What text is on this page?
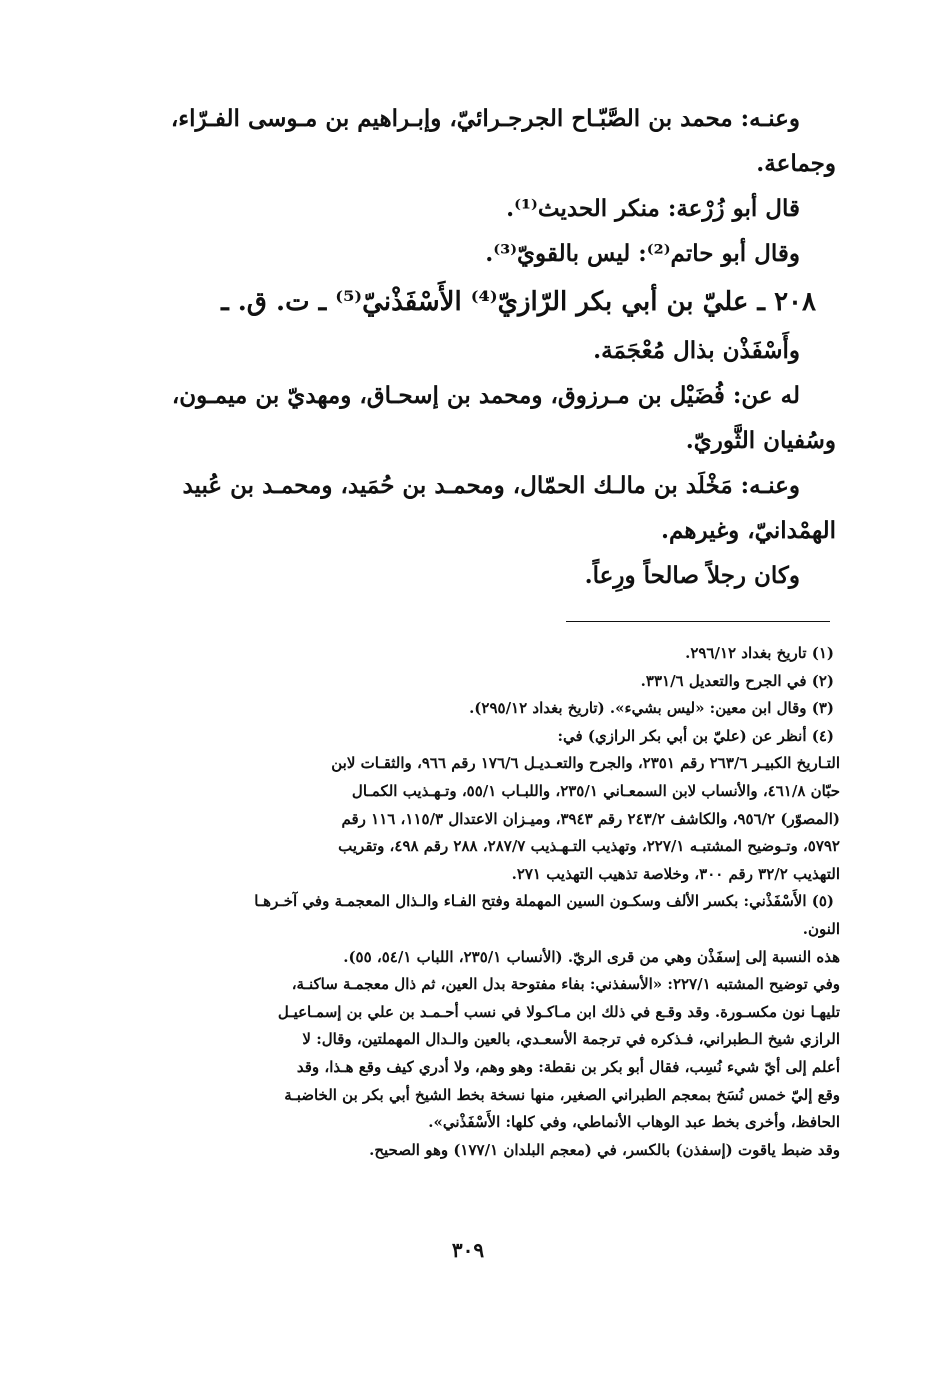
وعنـه: محمد بن الصَّبّـاح الجرجـرائيّ، وإبـراهيم بن مـوسى الفـرّاء،

وجماعة.

قال أبو زُرْعة: منكر الحديث⁽¹⁾.

وقال أبو حاتم⁽²⁾: ليس بالقويّ⁽³⁾.

٢٠٨ ـ عليّ بن أبي بكر الرّازيّ⁽⁴⁾ الأَسْفَذْنيّ⁽⁵⁾ ـ ت. ق. ـ

وأَسْفَذْن بذال مُعْجَمَة.

له عن: فُضَيْل بن مـرزوق، ومحمد بن إسحـاق، ومهديّ بن ميمـون،

وسُفيان الثَّوريّ.

وعنـه: مَخْلَد بن مالـك الحمّال، ومحمـد بن حُمَيد، ومحمـد بن عُبيد

الهمْدانيّ، وغيرهم.

وكان رجلاً صالحاً ورِعاً.

(١) تاريخ بغداد ٢٩٦/١٢.

(٢) في الجرح والتعديل ٣٣١/٦.

(٣) وقال ابن معين: «ليس بشيء». (تاريخ بغداد ٢٩٥/١٢).

(٤) أنظر عن (عليّ بن أبي بكر الرازي) في:

التـاريخ الكبيـر ٢٦٣/٦ رقم ٢٣٥١، والجرح والتعـديـل ١٧٦/٦ رقم ٩٦٦، والثقـات لابن

حبّان ٤٦١/٨، والأنساب لابن السمعـاني ٢٣٥/١، واللبـاب ٥٥/١، وتـهـذيب الكمـال

(المصوّر) ٩٥٦/٢، والكاشف ٢٤٣/٢ رقم ٣٩٤٣، وميـزان الاعتدال ١١٥/٣، ١١٦ رقم

٥٧٩٢، وتـوضيح المشتبـه ٢٢٧/١، وتهذيب التـهـذيب ٢٨٧/٧، ٢٨٨ رقم ٤٩٨، وتقريب

التهذيب ٣٢/٢ رقم ٣٠٠، وخلاصة تذهيب التهذيب ٢٧١.

(٥) الأَسْفَذْني: بكسر الألف وسكـون السين المهملة وفتح الفـاء والـذال المعجمـة وفي آخـرهـا

النون.

هذه النسبة إلى إسفَذْن وهي من قرى الريّ. (الأنساب ٢٣٥/١، اللباب ٥٤/١، ٥٥).

وفي توضيح المشتبه ٢٢٧/١: «الأسفذني: بفاء مفتوحة بدل العين، ثم ذال معجمـة ساكنـة،

تليهـا نون مكسـورة. وقد وقـع في ذلك ابن مـاكـولا في نسب أحـمـد بن علي بن إسمـاعيـل

الرازي شيخ الـطبراني، فـذكره في ترجمة الأسعـدي، بالعين والـدال المهملتين، وقال: لا

أعلم إلى أيّ شيء نُسِب، فقال أبو بكر بن نقطة: وهو وهم، ولا أدري كيف وقع هـذا، وقد

وقع إليّ خمس نُسَخ بمعجم الطبراني الصغير، منها نسخة بخط الشيخ أبي بكر بن الخاضبـة

الحافظ، وأخرى بخط عبد الوهاب الأنماطي، وفي كلها: الأَسْفَذْني».

وقد ضبط ياقوت (إسفذن) بالكسر، في (معجم البلدان ١٧٧/١) وهو الصحيح.

٣٠٩
